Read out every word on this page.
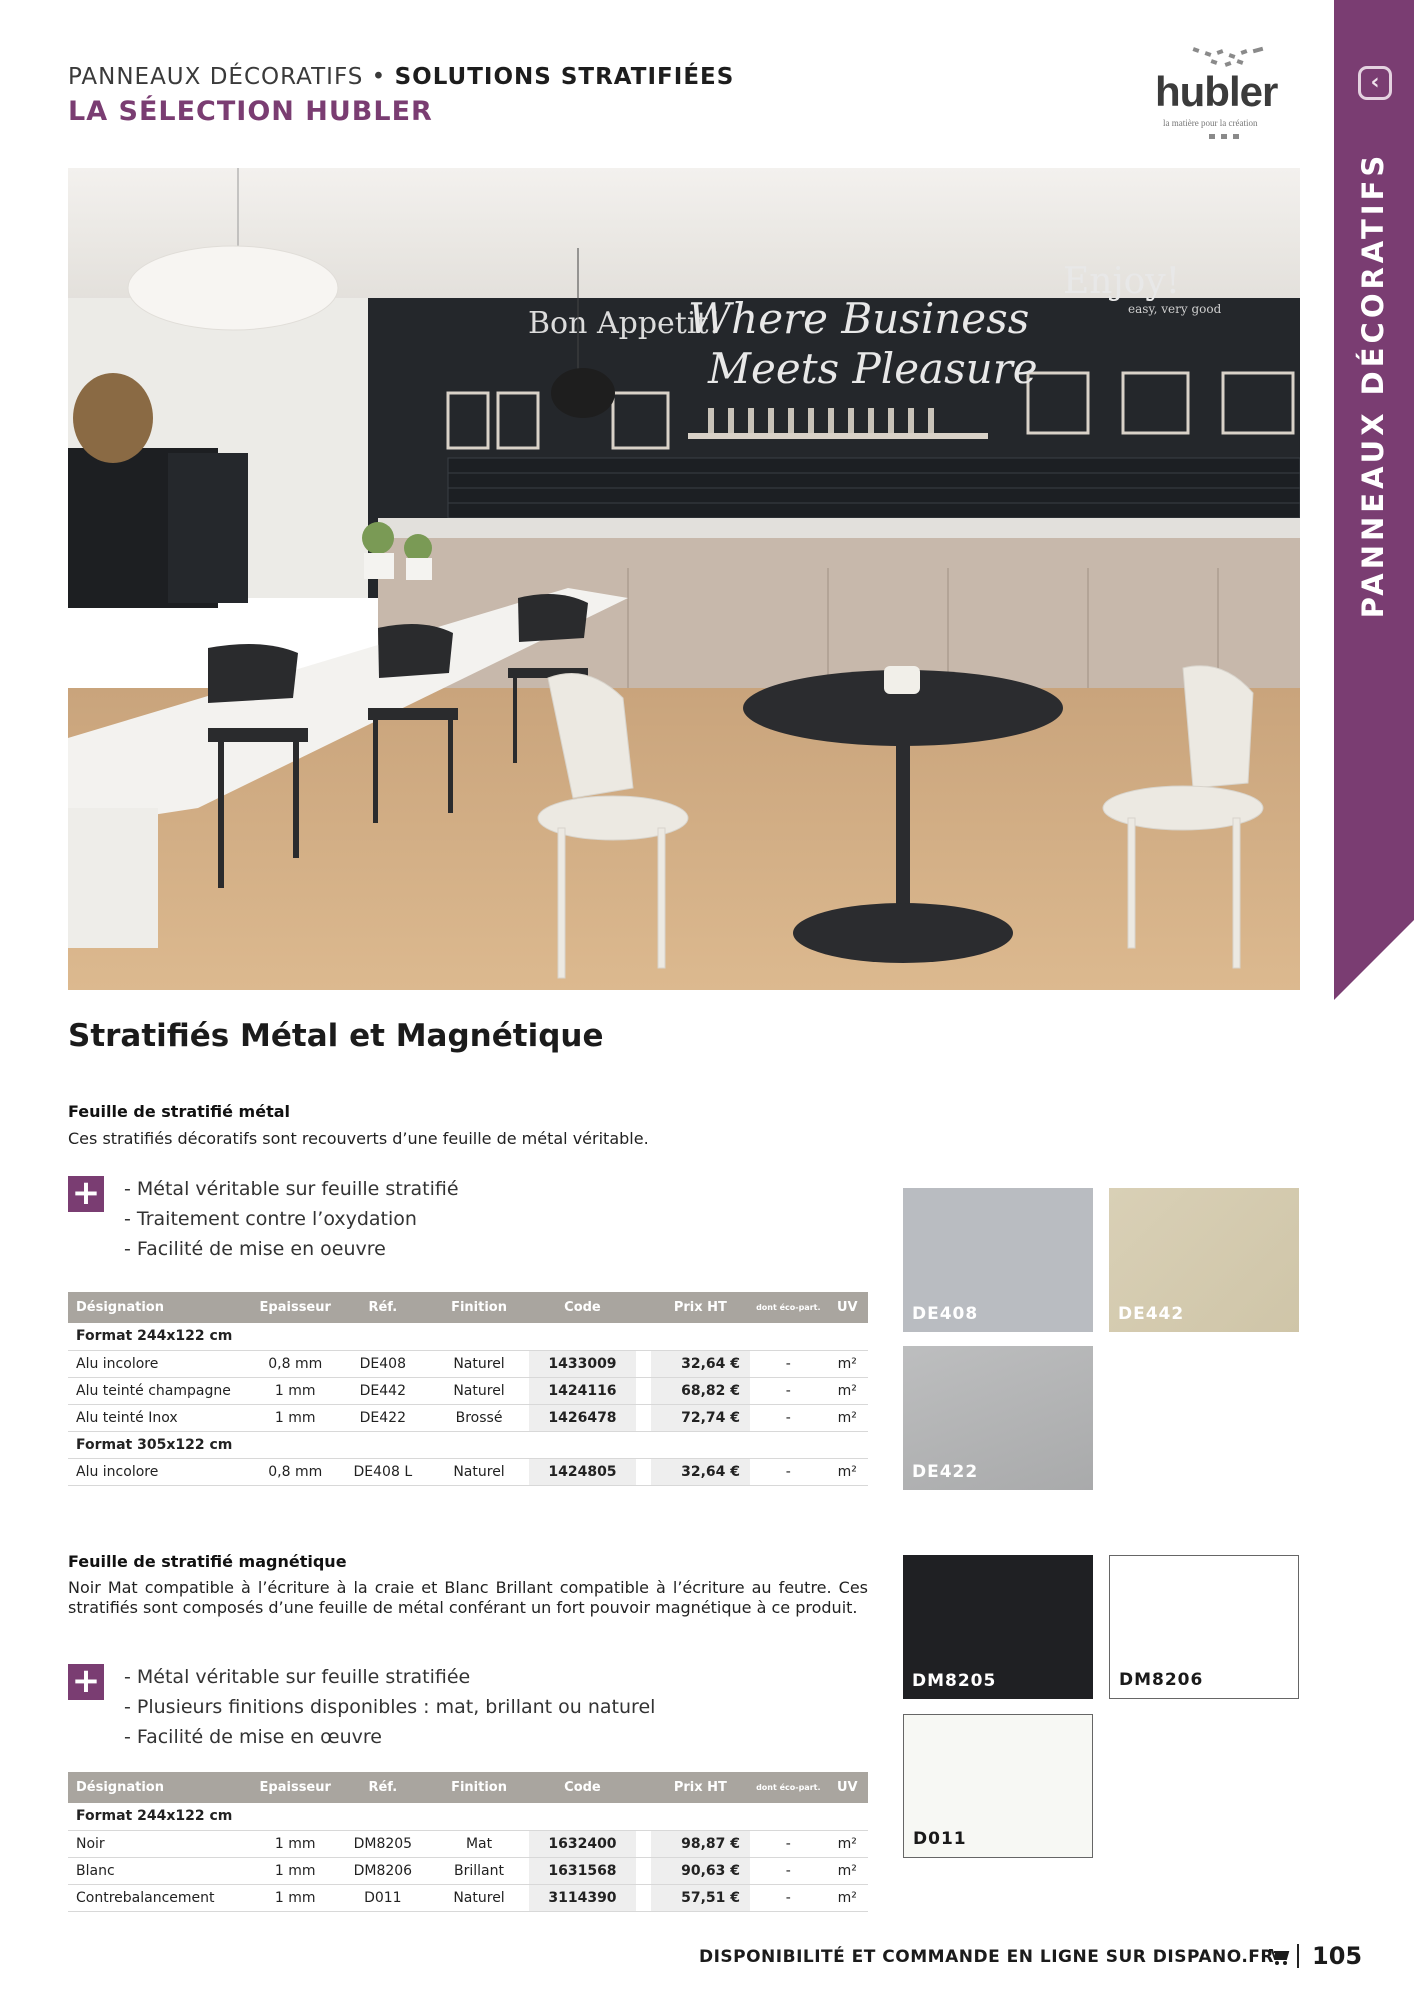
PANNEAUX DÉCORATIFS • SOLUTIONS STRATIFIÉES
LA SÉLECTION HUBLER	hubler
la matière pour la création
‹
PANNEAUX DÉCORATIFS
Bon Appetit!
Where Business
Meets Pleasure
Enjoy!
easy, very good
Stratifiés Métal et Magnétique
Feuille de stratifié métal
Ces stratifiés décoratifs sont recouverts d’une feuille de métal véritable.
+ - Métal véritable sur feuille stratifié
- Traitement contre l’oxydation
- Facilité de mise en oeuvre
Désignation	Epaisseur	Réf.	Finition	Code		Prix HT	dont éco-part.	UV
Format 244x122 cm								
Alu incolore	0,8 mm	DE408	Naturel	1433009		32,64 €	-	m²
Alu teinté champagne	1 mm	DE442	Naturel	1424116		68,82 €	-	m²
Alu teinté Inox	1 mm	DE422	Brossé	1426478		72,74 €	-	m²
Format 305x122 cm								
Alu incolore	0,8 mm	DE408 L	Naturel	1424805		32,64 €	-	m²
DE408	DE442
DE422
Feuille de stratifié magnétique
Noir Mat compatible à l’écriture à la craie et Blanc Brillant compatible à l’écriture au feutre. Ces stratifiés sont composés d’une feuille de métal conférant un fort pouvoir magnétique à ce produit.
+ - Métal véritable sur feuille stratifiée
- Plusieurs finitions disponibles : mat, brillant ou naturel
- Facilité de mise en œuvre
Désignation	Epaisseur	Réf.	Finition	Code		Prix HT	dont éco-part.	UV
Format 244x122 cm								
Noir	1 mm	DM8205	Mat	1632400		98,87 €	-	m²
Blanc	1 mm	DM8206	Brillant	1631568		90,63 €	-	m²
Contrebalancement	1 mm	D011	Naturel	3114390		57,51 €	-	m²
DM8205	DM8206
D011
DISPONIBILITÉ ET COMMANDE EN LIGNE SUR DISPANO.FR 105
